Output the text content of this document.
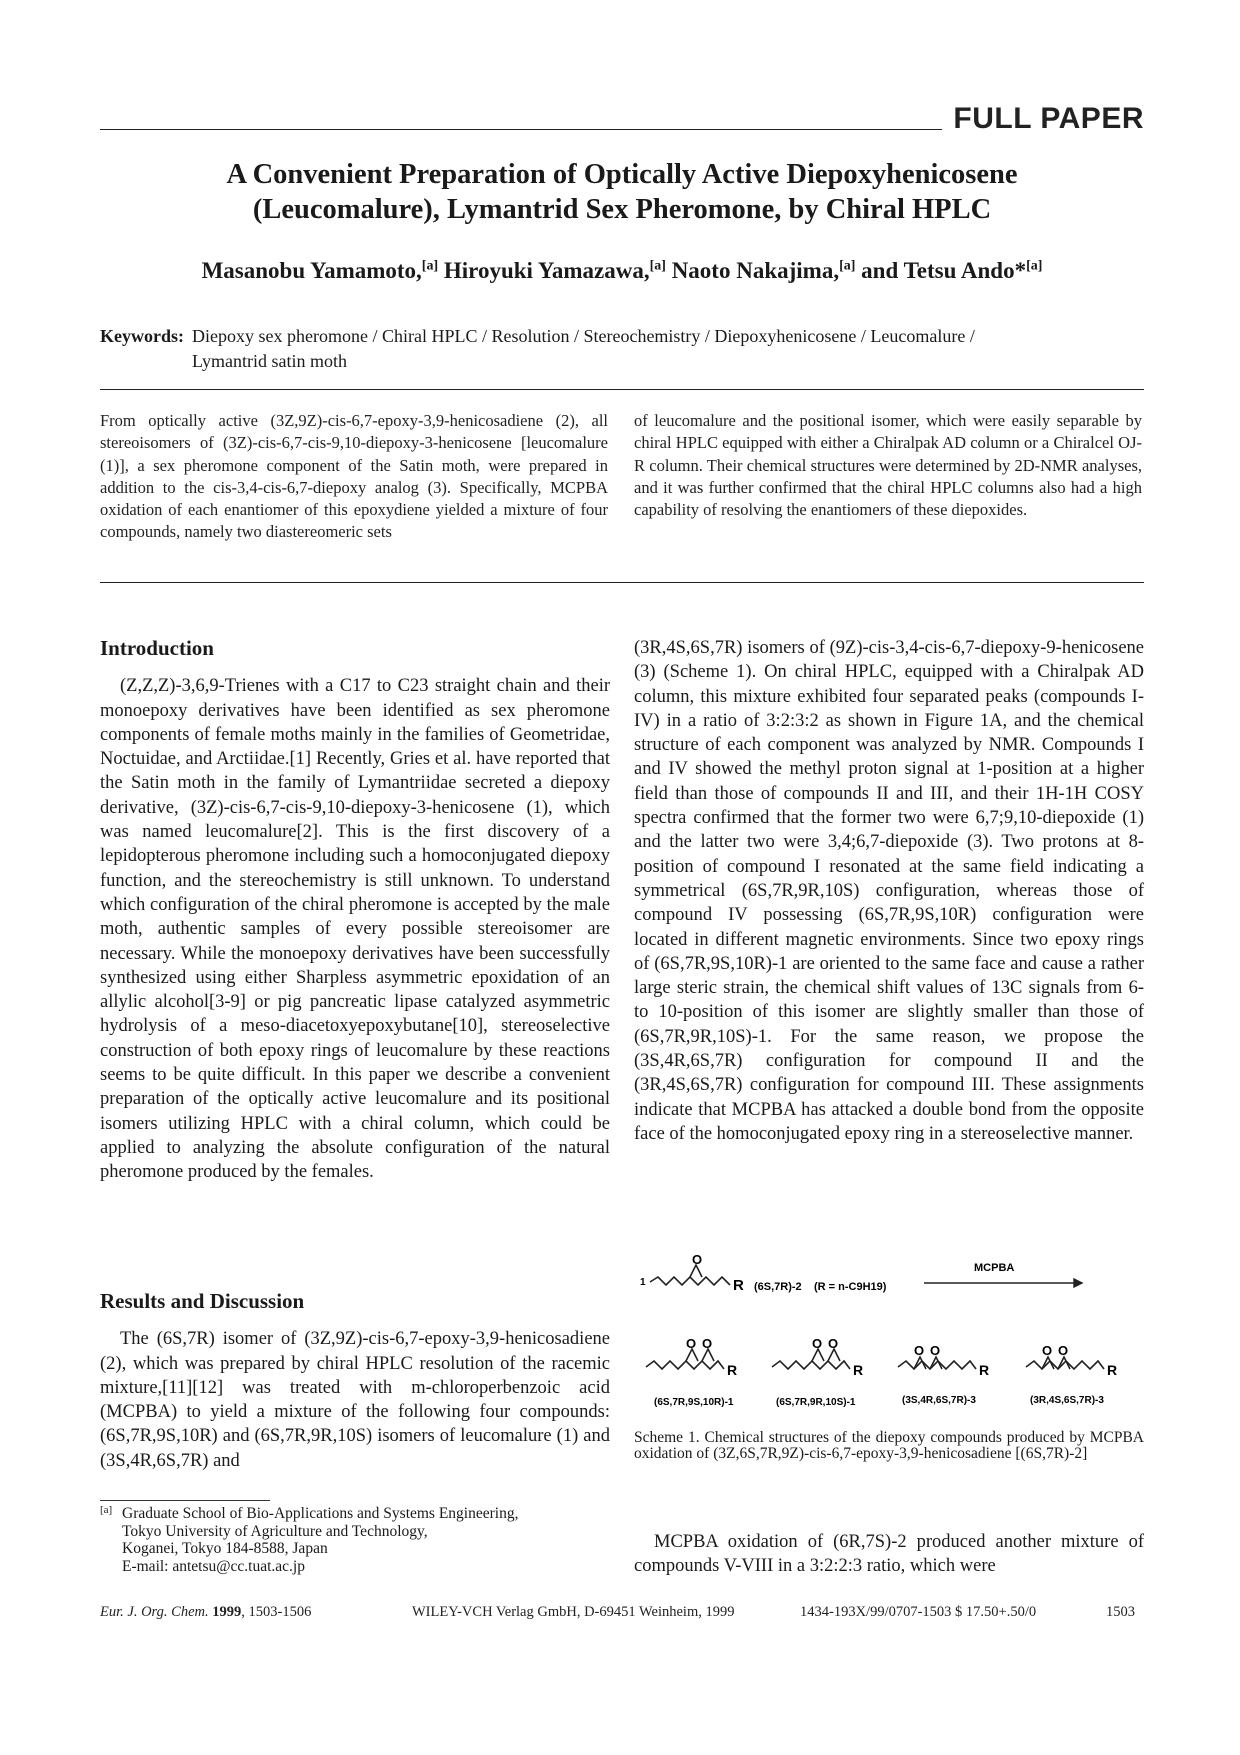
FULL PAPER
A Convenient Preparation of Optically Active Diepoxyhenicosene
(Leucomalure), Lymantrid Sex Pheromone, by Chiral HPLC
Masanobu Yamamoto,[a] Hiroyuki Yamazawa,[a] Naoto Nakajima,[a] and Tetsu Ando*[a]
Keywords: Diepoxy sex pheromone / Chiral HPLC / Resolution / Stereochemistry / Diepoxyhenicosene / Leucomalure /
Lymantrid satin moth
From optically active (3Z,9Z)-cis-6,7-epoxy-3,9-henicosadiene (2), all stereoisomers of (3Z)-cis-6,7-cis-9,10-diepoxy-3-henicosene [leucomalure (1)], a sex pheromone component of the Satin moth, were prepared in addition to the cis-3,4-cis-6,7-diepoxy analog (3). Specifically, MCPBA oxidation of each enantiomer of this epoxydiene yielded a mixture of four compounds, namely two diastereomeric sets
of leucomalure and the positional isomer, which were easily separable by chiral HPLC equipped with either a Chiralpak AD column or a Chiralcel OJ-R column. Their chemical structures were determined by 2D-NMR analyses, and it was further confirmed that the chiral HPLC columns also had a high capability of resolving the enantiomers of these diepoxides.

Introduction

(Z,Z,Z)-3,6,9-Trienes with a C17 to C23 straight chain and their monoepoxy derivatives have been identified as sex pheromone components of female moths mainly in the families of Geometridae, Noctuidae, and Arctiidae.[1] Recently, Gries et al. have reported that the Satin moth in the family of Lymantriidae secreted a diepoxy derivative, (3Z)-cis-6,7-cis-9,10-diepoxy-3-henicosene (1), which was named leucomalure[2]. This is the first discovery of a lepidopterous pheromone including such a homoconjugated diepoxy function, and the stereochemistry is still unknown. To understand which configuration of the chiral pheromone is accepted by the male moth, authentic samples of every possible stereoisomer are necessary. While the monoepoxy derivatives have been successfully synthesized using either Sharpless asymmetric epoxidation of an allylic alcohol[3-9] or pig pancreatic lipase catalyzed asymmetric hydrolysis of a meso-diacetoxyepoxybutane[10], stereoselective construction of both epoxy rings of leucomalure by these reactions seems to be quite difficult. In this paper we describe a convenient preparation of the optically active leucomalure and its positional isomers utilizing HPLC with a chiral column, which could be applied to analyzing the absolute configuration of the natural pheromone produced by the females.

Results and Discussion

The (6S,7R) isomer of (3Z,9Z)-cis-6,7-epoxy-3,9-henicosadiene (2), which was prepared by chiral HPLC resolution of the racemic mixture,[11][12] was treated with m-chloroperbenzoic acid (MCPBA) to yield a mixture of the following four compounds: (6S,7R,9S,10R) and (6S,7R,9R,10S) isomers of leucomalure (1) and (3S,4R,6S,7R) and

[a] Graduate School of Bio-Applications and Systems Engineering,
Tokyo University of Agriculture and Technology,
Koganei, Tokyo 184-8588, Japan
E-mail: antetsu@cc.tuat.ac.jp

(3R,4S,6S,7R) isomers of (9Z)-cis-3,4-cis-6,7-diepoxy-9-henicosene (3) (Scheme 1). On chiral HPLC, equipped with a Chiralpak AD column, this mixture exhibited four separated peaks (compounds I-IV) in a ratio of 3:2:3:2 as shown in Figure 1A, and the chemical structure of each component was analyzed by NMR. Compounds I and IV showed the methyl proton signal at 1-position at a higher field than those of compounds II and III, and their 1H-1H COSY spectra confirmed that the former two were 6,7;9,10-diepoxide (1) and the latter two were 3,4;6,7-diepoxide (3). Two protons at 8-position of compound I resonated at the same field indicating a symmetrical (6S,7R,9R,10S) configuration, whereas those of compound IV possessing (6S,7R,9S,10R) configuration were located in different magnetic environments. Since two epoxy rings of (6S,7R,9S,10R)-1 are oriented to the same face and cause a rather large steric strain, the chemical shift values of 13C signals from 6- to 10-position of this isomer are slightly smaller than those of (6S,7R,9R,10S)-1. For the same reason, we propose the (3S,4R,6S,7R) configuration for compound II and the (3R,4S,6S,7R) configuration for compound III. These assignments indicate that MCPBA has attacked a double bond from the opposite face of the homoconjugated epoxy ring in a stereoselective manner.

1
O
R (6S,7R)-2 (R = n-C9H19)
MCPBA
O O
R
O O
R
O O
R
O O
R
(6S,7R,9S,10R)-1	(6S,7R,9R,10S)-1	(3S,4R,6S,7R)-3	(3R,4S,6S,7R)-3
Scheme 1. Chemical structures of the diepoxy compounds produced by MCPBA oxidation of (3Z,6S,7R,9Z)-cis-6,7-epoxy-3,9-henicosadiene [(6S,7R)-2]
MCPBA oxidation of (6R,7S)-2 produced another mixture of compounds V-VIII in a 3:2:2:3 ratio, which were
Eur. J. Org. Chem. 1999, 1503-1506	WILEY-VCH Verlag GmbH, D-69451 Weinheim, 1999	1434-193X/99/0707-1503 $ 17.50+.50/0	1503
